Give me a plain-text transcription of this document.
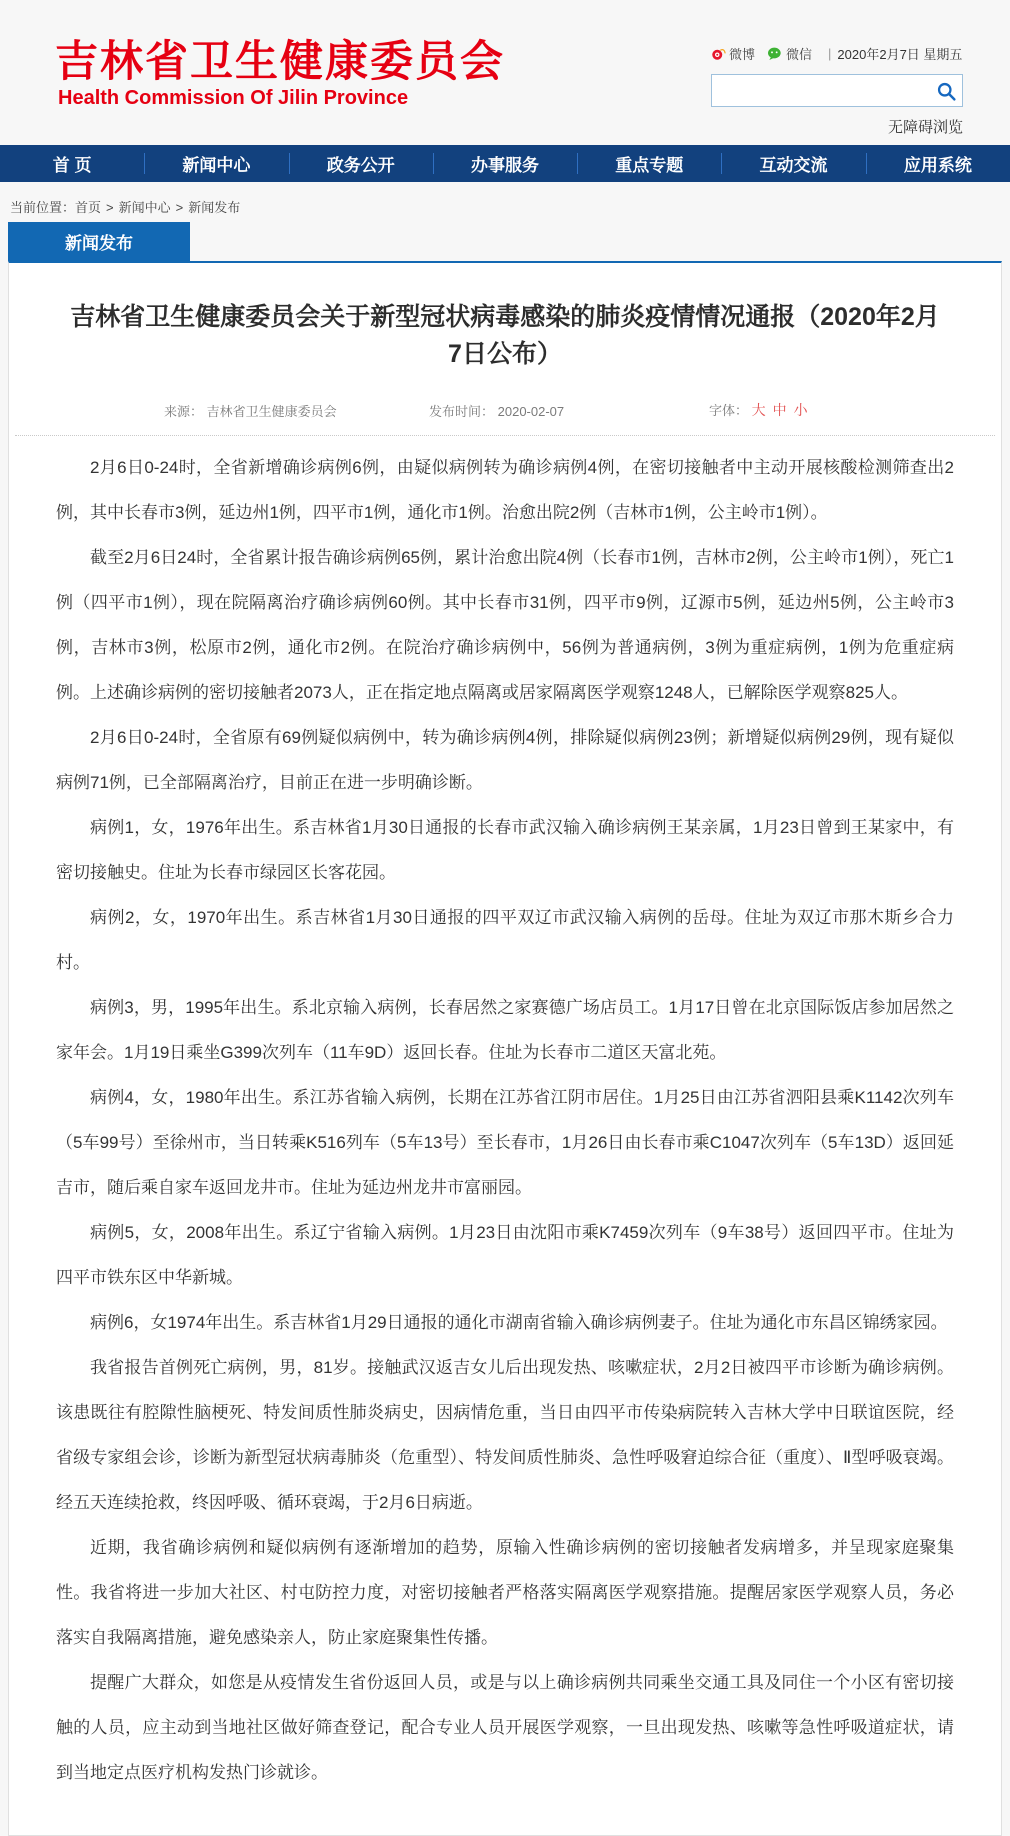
吉林省卫生健康委员会
Health Commission Of Jilin Province
微博 微信 | 2020年2月7日 星期五
无障碍浏览
首 页	新闻中心	政务公开	办事服务	重点专题	互动交流	应用系统
当前位置：首页 > 新闻中心 > 新闻发布
新闻发布
吉林省卫生健康委员会关于新型冠状病毒感染的肺炎疫情情况通报（2020年2月7日公布）
来源： 吉林省卫生健康委员会	发布时间： 2020-02-07	字体： 大 中 小

2月6日0-24时，全省新增确诊病例6例，由疑似病例转为确诊病例4例，在密切接触者中主动开展核酸检测筛查出2例，其中长春市3例，延边州1例，四平市1例，通化市1例。治愈出院2例（吉林市1例，公主岭市1例）。

截至2月6日24时，全省累计报告确诊病例65例，累计治愈出院4例（长春市1例，吉林市2例，公主岭市1例），死亡1例（四平市1例），现在院隔离治疗确诊病例60例。其中长春市31例，四平市9例，辽源市5例，延边州5例，公主岭市3例，吉林市3例，松原市2例，通化市2例。在院治疗确诊病例中，56例为普通病例，3例为重症病例，1例为危重症病例。上述确诊病例的密切接触者2073人，正在指定地点隔离或居家隔离医学观察1248人，已解除医学观察825人。

2月6日0-24时，全省原有69例疑似病例中，转为确诊病例4例，排除疑似病例23例；新增疑似病例29例，现有疑似病例71例，已全部隔离治疗，目前正在进一步明确诊断。

病例1，女，1976年出生。系吉林省1月30日通报的长春市武汉输入确诊病例王某亲属，1月23日曾到王某家中，有密切接触史。住址为长春市绿园区长客花园。

病例2，女，1970年出生。系吉林省1月30日通报的四平双辽市武汉输入病例的岳母。住址为双辽市那木斯乡合力村。

病例3，男，1995年出生。系北京输入病例，长春居然之家赛德广场店员工。1月17日曾在北京国际饭店参加居然之家年会。1月19日乘坐G399次列车（11车9D）返回长春。住址为长春市二道区天富北苑。

病例4，女，1980年出生。系江苏省输入病例，长期在江苏省江阴市居住。1月25日由江苏省泗阳县乘K1142次列车（5车99号）至徐州市，当日转乘K516列车（5车13号）至长春市，1月26日由长春市乘C1047次列车（5车13D）返回延吉市，随后乘自家车返回龙井市。住址为延边州龙井市富丽园。

病例5，女，2008年出生。系辽宁省输入病例。1月23日由沈阳市乘K7459次列车（9车38号）返回四平市。住址为四平市铁东区中华新城。

病例6，女1974年出生。系吉林省1月29日通报的通化市湖南省输入确诊病例妻子。住址为通化市东昌区锦绣家园。

我省报告首例死亡病例，男，81岁。接触武汉返吉女儿后出现发热、咳嗽症状，2月2日被四平市诊断为确诊病例。该患既往有腔隙性脑梗死、特发间质性肺炎病史，因病情危重，当日由四平市传染病院转入吉林大学中日联谊医院，经省级专家组会诊，诊断为新型冠状病毒肺炎（危重型）、特发间质性肺炎、急性呼吸窘迫综合征（重度）、Ⅱ型呼吸衰竭。经五天连续抢救，终因呼吸、循环衰竭，于2月6日病逝。

近期，我省确诊病例和疑似病例有逐渐增加的趋势，原输入性确诊病例的密切接触者发病增多，并呈现家庭聚集性。我省将进一步加大社区、村屯防控力度，对密切接触者严格落实隔离医学观察措施。提醒居家医学观察人员，务必落实自我隔离措施，避免感染亲人，防止家庭聚集性传播。

提醒广大群众，如您是从疫情发生省份返回人员，或是与以上确诊病例共同乘坐交通工具及同住一个小区有密切接触的人员，应主动到当地社区做好筛查登记，配合专业人员开展医学观察，一旦出现发热、咳嗽等急性呼吸道症状，请到当地定点医疗机构发热门诊就诊。
